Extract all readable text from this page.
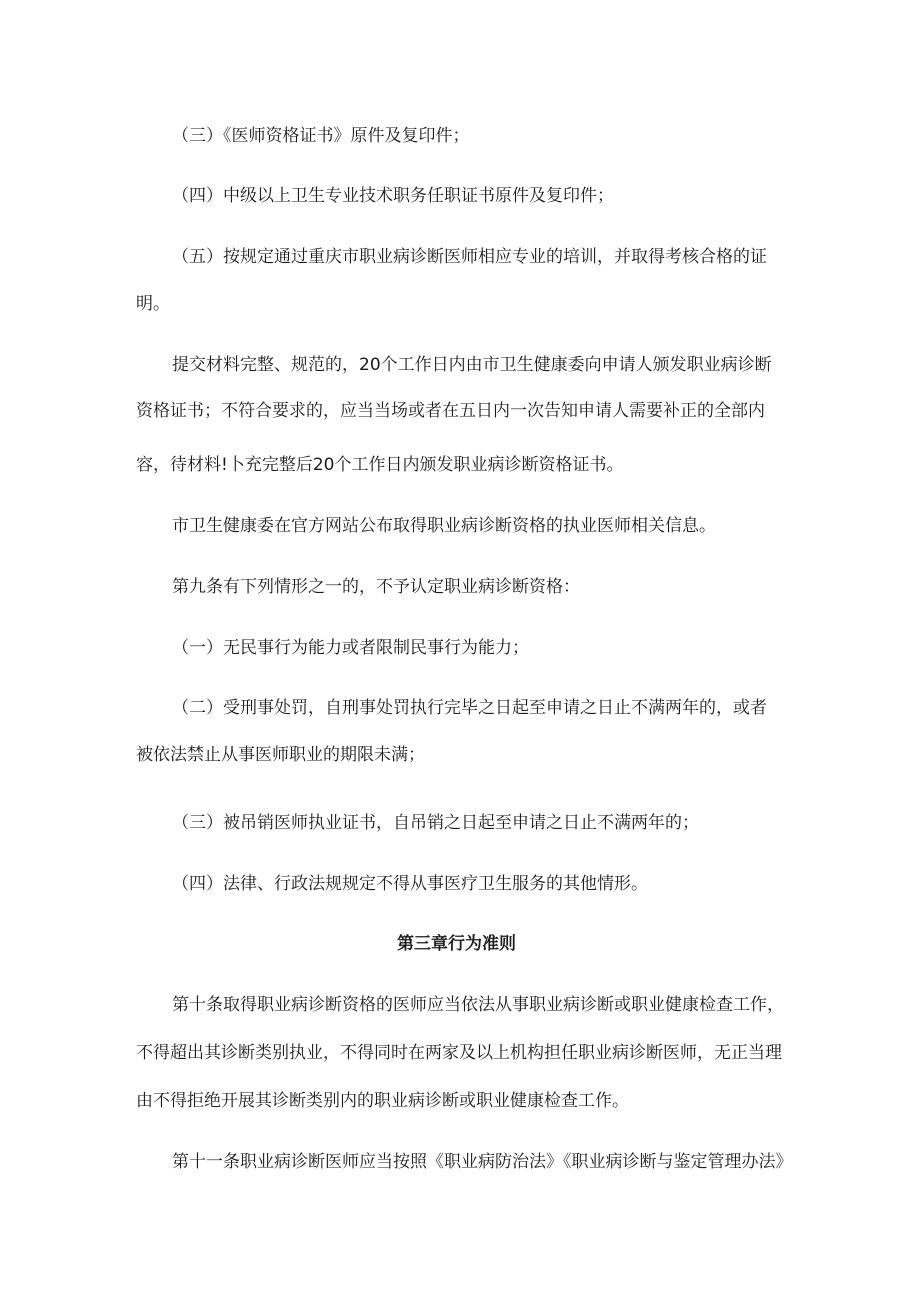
（三）《医师资格证书》原件及复印件；

（四）中级以上卫生专业技术职务任职证书原件及复印件；

（五）按规定通过重庆市职业病诊断医师相应专业的培训，并取得考核合格的证

明。

提交材料完整、规范的，20个工作日内由市卫生健康委向申请人颁发职业病诊断

资格证书；不符合要求的，应当当场或者在五日内一次告知申请人需要补正的全部内

容，待材料!卜充完整后20个工作日内颁发职业病诊断资格证书。

市卫生健康委在官方网站公布取得职业病诊断资格的执业医师相关信息。

第九条有下列情形之一的，不予认定职业病诊断资格：

（一）无民事行为能力或者限制民事行为能力；

（二）受刑事处罚，自刑事处罚执行完毕之日起至申请之日止不满两年的，或者

被依法禁止从事医师职业的期限未满；

（三）被吊销医师执业证书，自吊销之日起至申请之日止不满两年的；

（四）法律、行政法规规定不得从事医疗卫生服务的其他情形。

第三章行为准则

第十条取得职业病诊断资格的医师应当依法从事职业病诊断或职业健康检查工作，

不得超出其诊断类别执业，不得同时在两家及以上机构担任职业病诊断医师，无正当理

由不得拒绝开展其诊断类别内的职业病诊断或职业健康检查工作。

第十一条职业病诊断医师应当按照《职业病防治法》《职业病诊断与鉴定管理办法》
